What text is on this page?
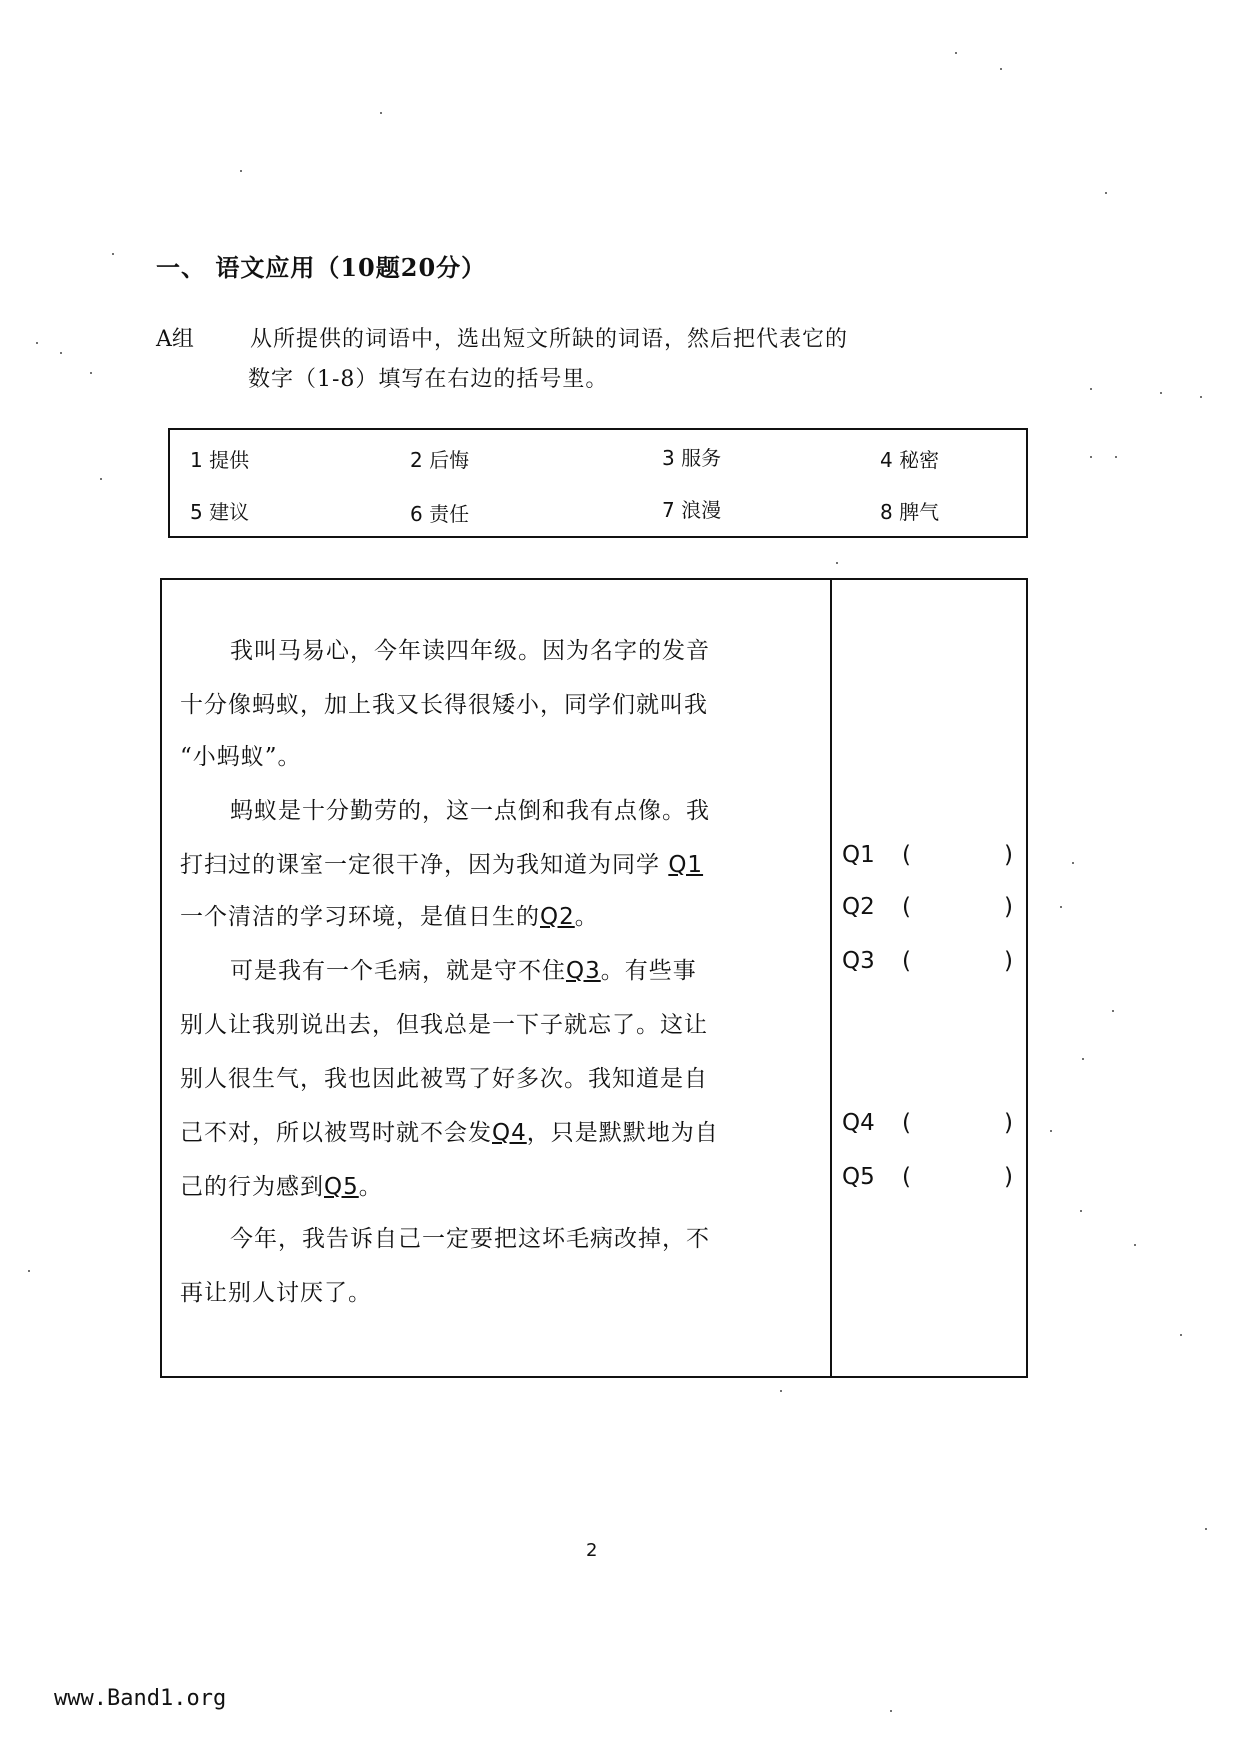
一、 语文应用（10题20分）
A组	从所提供的词语中，选出短文所缺的词语，然后把代表它的
数字（1-8）填写在右边的括号里。
1 提供	2 后悔	3 服务	4 秘密
5 建议	6 责任	7 浪漫	8 脾气
我叫马易心，今年读四年级。因为名字的发音
十分像蚂蚁，加上我又长得很矮小，同学们就叫我
“小蚂蚁”。
蚂蚁是十分勤劳的，这一点倒和我有点像。我
打扫过的课室一定很干净，因为我知道为同学 Q1
一个清洁的学习环境，是值日生的Q2。
可是我有一个毛病，就是守不住Q3。有些事
别人让我别说出去，但我总是一下子就忘了。这让
别人很生气，我也因此被骂了好多次。我知道是自
己不对，所以被骂时就不会发Q4，只是默默地为自
己的行为感到Q5。
今年，我告诉自己一定要把这坏毛病改掉，不
再让别人讨厌了。
Q1 (	)
Q2 (	)
Q3 (	)
Q4 (	)
Q5 (	)
2
www.Band1.org
